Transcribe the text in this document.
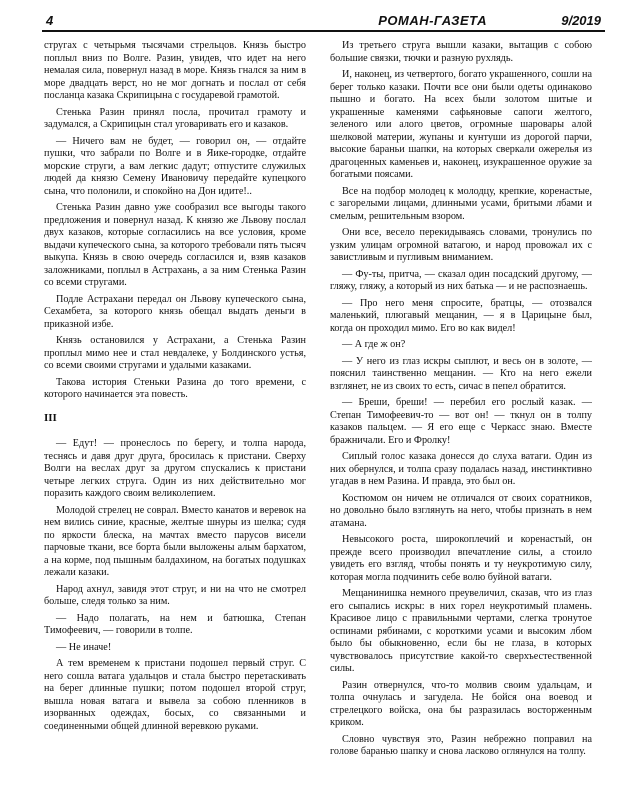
4	РОМАН-ГАЗЕТА	9/2019

стругах с четырьмя тысячами стрельцов. Князь быстро поплыл вниз по Волге. Разин, увидев, что идет на него немалая сила, повернул назад в море. Князь гнался за ним в море двадцать верст, но не мог догнать и послал от себя посланца казака Скрипицына с государевой грамотой.

Стенька Разин принял посла, прочитал грамоту и задумался, а Скрипицын стал уговаривать его и казаков.

— Ничего вам не будет, — говорил он, — отдайте пушки, что забрали по Волге и в Яике-городке, отдайте морские струги, а вам легкис дадут; отпустите служилых людей да князю Семену Ивановичу передайте купецкого сына, что полонили, и спокойно на Дон идите!..

Стенька Разин давно уже сообразил все выгоды такого предложения и повернул назад. К князю же Львову послал двух казаков, которые согласились на все условия, кроме выдачи купеческого сына, за которого требовали пять тысяч выкупа. Князь в свою очередь согласился и, взяв казаков заложниками, поплыл в Астрахань, а за ним Стенька Разин со всеми стругами.

Подле Астрахани передал он Львову купеческого сына, Сехамбета, за которого князь обещал выдать деньги в приказной избе.

Князь остановился у Астрахани, а Стенька Разин проплыл мимо нее и стал невдалеке, у Болдинского устья, со всеми своими стругами и удалыми казаками.

Такова история Стеньки Разина до того времени, с которого начинается эта повесть.

III

— Едут! — пронеслось по берегу, и толпа народа, теснясь и давя друг друга, бросилась к пристани. Сверху Волги на веслах друг за другом спускались к пристани четыре легких струга. Один из них действительно мог поразить каждого своим великолепием.

Молодой стрелец не соврал. Вместо канатов и веревок на нем вились синие, красные, желтые шнуры из шелка; судя по яркости блеска, на мачтах вместо парусов висели парчовые ткани, все борта были выложены алым бархатом, а на корме, под пышным балдахином, на богатых подушках лежали казаки.

Народ ахнул, завидя этот струг, и ни на что не смотрел больше, следя только за ним.

— Надо полагать, на нем и батюшка, Степан Тимофеевич, — говорили в толпе.

— Не иначе!

А тем временем к пристани подошел первый струг. С него сошла ватага удальцов и стала быстро перетаскивать на берег длинные пушки; потом подошел второй струг, вышла новая ватага и вывела за собою пленников в изорванных одеждах, босых, со связанными и соединенными общей длинной веревкою руками.

Из третьего струга вышли казаки, вытащив с собою большие связки, тючки и разную рухлядь.

И, наконец, из четвертого, богато украшенного, сошли на берег только казаки. Почти все они были одеты одинаково пышно и богато. На всех были золотом шитые и украшенные каменями сафьяновые сапоги желтого, зеленого или алого цветов, огромные шаровары алой шелковой материи, жупаны и кунтуши из дорогой парчи, высокие бараньи шапки, на которых сверкали ожерелья из драгоценных каменьев и, наконец, изукрашенное оружие за богатыми поясами.

Все на подбор молодец к молодцу, крепкие, коренастые, с загорелыми лицами, длинными усами, бритыми лбами и смелым, решительным взором.

Они все, весело перекидываясь словами, тронулись по узким улицам огромной ватагою, и народ провожал их с завистливым и пугливым вниманием.

— Фу-ты, притча, — сказал один посадский другому, — гляжу, гляжу, а который из них батька — и не распознаешь.

— Про него меня спросите, братцы, — отозвался маленький, плюгавый мещанин, — я в Царицыне был, когда он проходил мимо. Его во как видел!

— А где ж он?

— У него из глаз искры сыплют, и весь он в золоте, — пояснил таинственно мещанин. — Кто на него ежели взглянет, не из своих то есть, сичас в пепел обратится.

— Бреши, бреши! — перебил его рослый казак. — Степан Тимофеевич-то — вот он! — ткнул он в толпу казаков пальцем. — Я его еще с Черкасс знаю. Вместе бражничали. Его и Фролку!

Сиплый голос казака донесся до слуха ватаги. Один из них обернулся, и толпа сразу подалась назад, инстинктивно угадав в нем Разина. И правда, это был он.

Костюмом он ничем не отличался от своих соратников, но довольно было взглянуть на него, чтобы признать в нем атамана.

Невысокого роста, широкоплечий и коренастый, он прежде всего производил впечатление силы, а стоило увидеть его взгляд, чтобы понять и ту неукротимую силу, которая могла подчинить себе волю буйной ватаги.

Мещанинишка немного преувеличил, сказав, что из глаз его сыпались искры: в них горел неукротимый пламень. Красивое лицо с правильными чертами, слегка тронутое оспинами рябинами, с короткими усами и высоким лбом было бы обыкновенно, если бы не глаза, в которых чувствовалось присутствие какой-то сверхъестественной силы.

Разин отвернулся, что-то молвив своим удальцам, и толпа очнулась и загудела. Не бойся она воевод и стрелецкого войска, она бы разразилась восторженным криком.

Словно чувствуя это, Разин небрежно поправил на голове баранью шапку и снова ласково оглянулся на толпу.
